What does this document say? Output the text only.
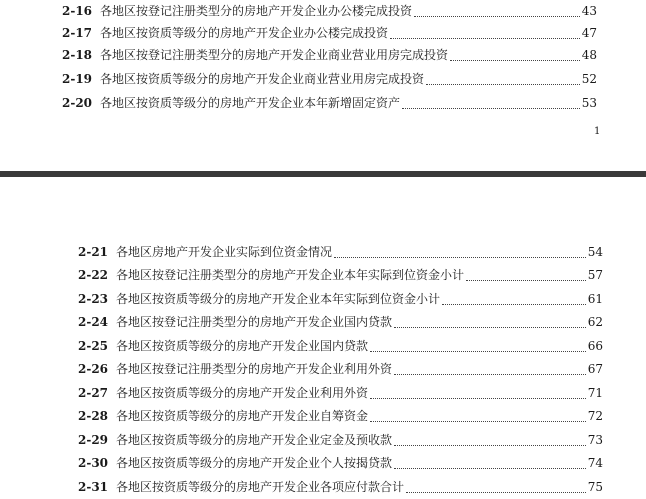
2-16 各地区按登记注册类型分的房地产开发企业办公楼完成投资	43
2-17 各地区按资质等级分的房地产开发企业办公楼完成投资	47
2-18 各地区按登记注册类型分的房地产开发企业商业营业用房完成投资	48
2-19 各地区按资质等级分的房地产开发企业商业营业用房完成投资	52
2-20 各地区按资质等级分的房地产开发企业本年新增固定资产	53
1
2-21 各地区房地产开发企业实际到位资金情况	54
2-22 各地区按登记注册类型分的房地产开发企业本年实际到位资金小计	57
2-23 各地区按资质等级分的房地产开发企业本年实际到位资金小计	61
2-24 各地区按登记注册类型分的房地产开发企业国内贷款	62
2-25 各地区按资质等级分的房地产开发企业国内贷款	66
2-26 各地区按登记注册类型分的房地产开发企业利用外资	67
2-27 各地区按资质等级分的房地产开发企业利用外资	71
2-28 各地区按资质等级分的房地产开发企业自筹资金	72
2-29 各地区按资质等级分的房地产开发企业定金及预收款	73
2-30 各地区按资质等级分的房地产开发企业个人按揭贷款	74
2-31 各地区按资质等级分的房地产开发企业各项应付款合计	75
